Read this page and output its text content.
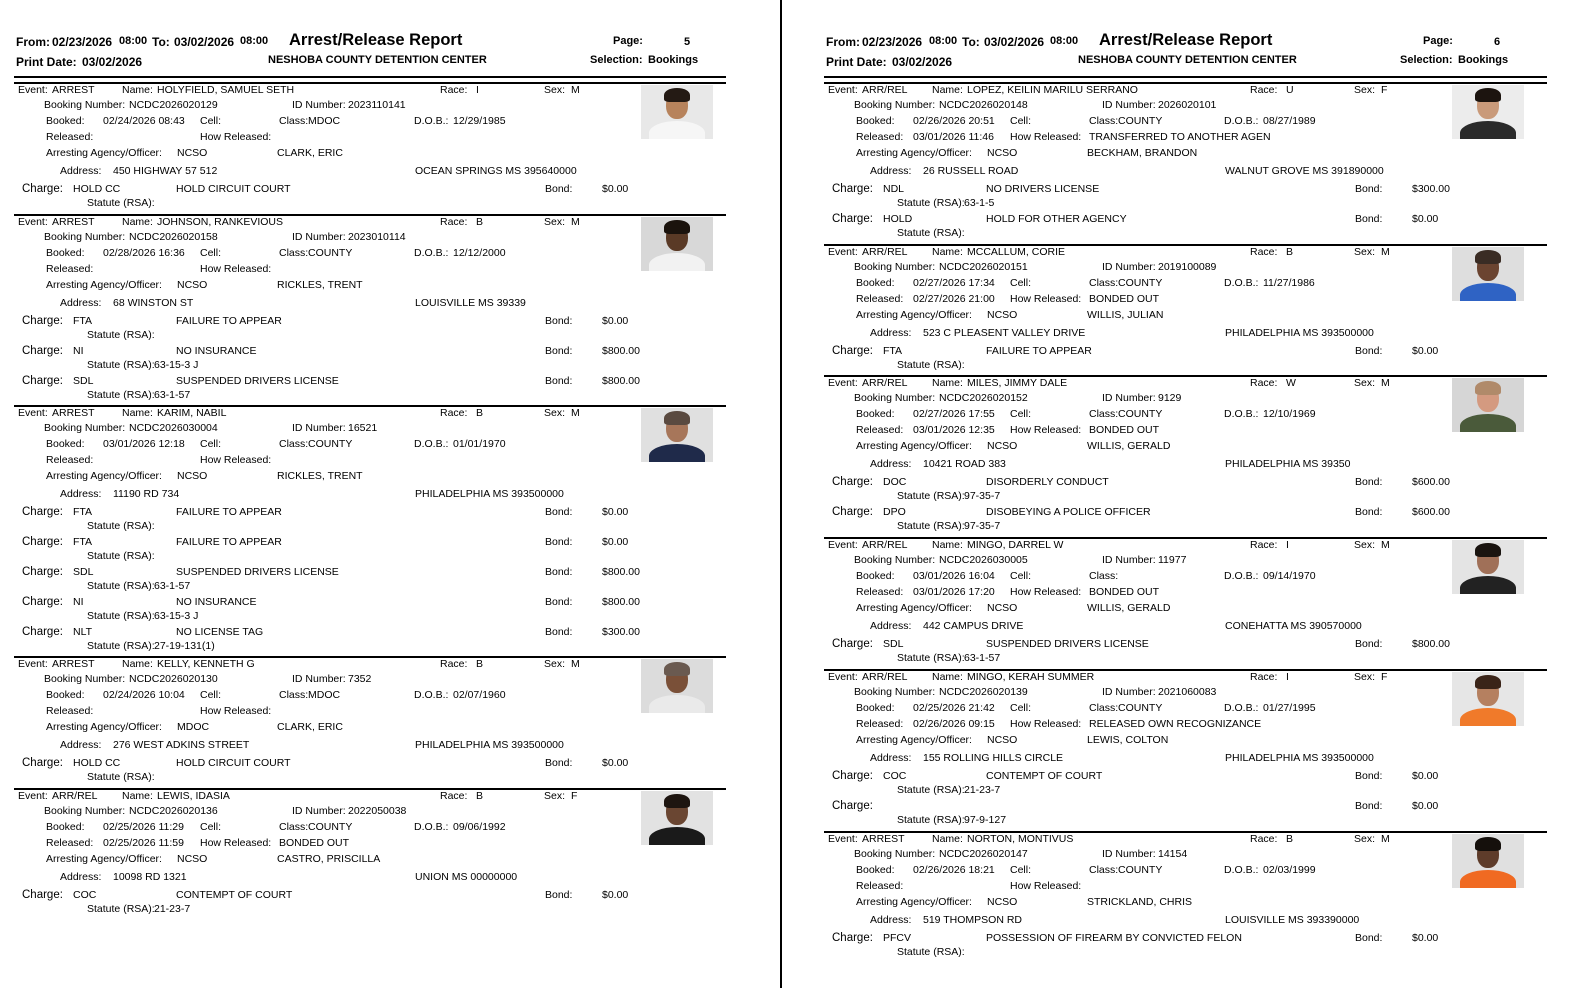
From: 02/23/2026 08:00 To: 03/02/2026 08:00 Arrest/Release Report	Page:	5
Print Date: 03/02/2026	NESHOBA COUNTY DETENTION CENTER	Selection: Bookings
Event: ARREST	Name: HOLYFIELD, SAMUEL SETH	Race: I	Sex: M
Booking Number: NCDC2026020129	ID Number: 2023110141
Booked: 02/24/2026 08:43 Cell:	Class: MDOC	D.O.B.: 12/29/1985
Released:	How Released:
Arresting Agency/Officer: NCSO	CLARK, ERIC
Address: 450 HIGHWAY 57 512	OCEAN SPRINGS MS 395640000
Charge: HOLD CC	HOLD CIRCUIT COURT	Bond:	$0.00
Statute (RSA):
Event: ARREST	Name: JOHNSON, RANKEVIOUS	Race: B	Sex: M
Booking Number: NCDC2026020158	ID Number: 2023010114
Booked: 02/28/2026 16:36 Cell:	Class: COUNTY	D.O.B.: 12/12/2000
Released:	How Released:
Arresting Agency/Officer: NCSO	RICKLES, TRENT
Address: 68 WINSTON ST	LOUISVILLE MS 39339
Charge: FTA	FAILURE TO APPEAR	Bond:	$0.00
Statute (RSA):
Charge: NI	NO INSURANCE	Bond:	$800.00
Statute (RSA): 63-15-3 J
Charge: SDL	SUSPENDED DRIVERS LICENSE	Bond:	$800.00
Statute (RSA): 63-1-57
Event: ARREST	Name: KARIM, NABIL	Race: B	Sex: M
Booking Number: NCDC2026030004	ID Number: 16521
Booked: 03/01/2026 12:18 Cell:	Class: COUNTY	D.O.B.: 01/01/1970
Released:	How Released:
Arresting Agency/Officer: NCSO	RICKLES, TRENT
Address: 11190 RD 734	PHILADELPHIA MS 393500000
Charge: FTA	FAILURE TO APPEAR	Bond:	$0.00
Statute (RSA):
Charge: FTA	FAILURE TO APPEAR	Bond:	$0.00
Statute (RSA):
Charge: SDL	SUSPENDED DRIVERS LICENSE	Bond:	$800.00
Statute (RSA): 63-1-57
Charge: NI	NO INSURANCE	Bond:	$800.00
Statute (RSA): 63-15-3 J
Charge: NLT	NO LICENSE TAG	Bond:	$300.00
Statute (RSA): 27-19-131(1)
Event: ARREST	Name: KELLY, KENNETH G	Race: B	Sex: M
Booking Number: NCDC2026020130	ID Number: 7352
Booked: 02/24/2026 10:04 Cell:	Class: MDOC	D.O.B.: 02/07/1960
Released:	How Released:
Arresting Agency/Officer: MDOC	CLARK, ERIC
Address: 276 WEST ADKINS STREET	PHILADELPHIA MS 393500000
Charge: HOLD CC	HOLD CIRCUIT COURT	Bond:	$0.00
Statute (RSA):
Event: ARR/REL Name: LEWIS, IDASIA	Race: B	Sex: F
Booking Number: NCDC2026020136	ID Number: 2022050038
Booked: 02/25/2026 11:29 Cell:	Class: COUNTY	D.O.B.: 09/06/1992
Released: 02/25/2026 11:59 How Released: BONDED OUT
Arresting Agency/Officer: NCSO	CASTRO, PRISCILLA
Address: 10098 RD 1321	UNION MS 00000000
Charge: COC	CONTEMPT OF COURT	Bond:	$0.00
Statute (RSA): 21-23-7
From: 02/23/2026 08:00 To: 03/02/2026 08:00 Arrest/Release Report	Page:	6
Print Date: 03/02/2026	NESHOBA COUNTY DETENTION CENTER	Selection: Bookings
Event: ARR/REL Name: LOPEZ, KEILIN MARILU SERRANO	Race: U	Sex: F
Booking Number: NCDC2026020148	ID Number: 2026020101
Booked: 02/26/2026 20:51 Cell:	Class: COUNTY	D.O.B.: 08/27/1989
Released: 03/01/2026 11:46 How Released: TRANSFERRED TO ANOTHER AGEN
Arresting Agency/Officer: NCSO	BECKHAM, BRANDON
Address: 26 RUSSELL ROAD	WALNUT GROVE MS 391890000
Charge: NDL	NO DRIVERS LICENSE	Bond:	$300.00
Statute (RSA): 63-1-5
Charge: HOLD	HOLD FOR OTHER AGENCY	Bond:	$0.00
Statute (RSA):
Event: ARR/REL Name: MCCALLUM, CORIE	Race: B	Sex: M
Booking Number: NCDC2026020151	ID Number: 2019100089
Booked: 02/27/2026 17:34 Cell:	Class: COUNTY	D.O.B.: 11/27/1986
Released: 02/27/2026 21:00 How Released: BONDED OUT
Arresting Agency/Officer: NCSO	WILLIS, JULIAN
Address: 523 C PLEASENT VALLEY DRIVE	PHILADELPHIA MS 393500000
Charge: FTA	FAILURE TO APPEAR	Bond:	$0.00
Statute (RSA):
Event: ARR/REL Name: MILES, JIMMY DALE	Race: W	Sex: M
Booking Number: NCDC2026020152	ID Number: 9129
Booked: 02/27/2026 17:55 Cell:	Class: COUNTY	D.O.B.: 12/10/1969
Released: 03/01/2026 12:35 How Released: BONDED OUT
Arresting Agency/Officer: NCSO	WILLIS, GERALD
Address: 10421 ROAD 383	PHILADELPHIA MS 39350
Charge: DOC	DISORDERLY CONDUCT	Bond:	$600.00
Statute (RSA): 97-35-7
Charge: DPO	DISOBEYING A POLICE OFFICER	Bond:	$600.00
Statute (RSA): 97-35-7
Event: ARR/REL Name: MINGO, DARREL W	Race: I	Sex: M
Booking Number: NCDC2026030005	ID Number: 11977
Booked: 03/01/2026 16:04 Cell:	Class:	D.O.B.: 09/14/1970
Released: 03/01/2026 17:20 How Released: BONDED OUT
Arresting Agency/Officer: NCSO	WILLIS, GERALD
Address: 442 CAMPUS DRIVE	CONEHATTA MS 390570000
Charge: SDL	SUSPENDED DRIVERS LICENSE	Bond:	$800.00
Statute (RSA): 63-1-57
Event: ARR/REL Name: MINGO, KERAH SUMMER	Race: I	Sex: F
Booking Number: NCDC2026020139	ID Number: 2021060083
Booked: 02/25/2026 21:42 Cell:	Class: COUNTY	D.O.B.: 01/27/1995
Released: 02/26/2026 09:15 How Released: RELEASED OWN RECOGNIZANCE
Arresting Agency/Officer: NCSO	LEWIS, COLTON
Address: 155 ROLLING HILLS CIRCLE	PHILADELPHIA MS 393500000
Charge: COC	CONTEMPT OF COURT	Bond:	$0.00
Statute (RSA): 21-23-7
Charge:	Bond:	$0.00
Statute (RSA): 97-9-127
Event: ARREST	Name: NORTON, MONTIVUS	Race: B	Sex: M
Booking Number: NCDC2026020147	ID Number: 14154
Booked: 02/26/2026 18:21 Cell:	Class: COUNTY	D.O.B.: 02/03/1999
Released:	How Released:
Arresting Agency/Officer: NCSO	STRICKLAND, CHRIS
Address: 519 THOMPSON RD	LOUISVILLE MS 393390000
Charge: PFCV	POSSESSION OF FIREARM BY CONVICTED FELON	Bond:	$0.00
Statute (RSA):
